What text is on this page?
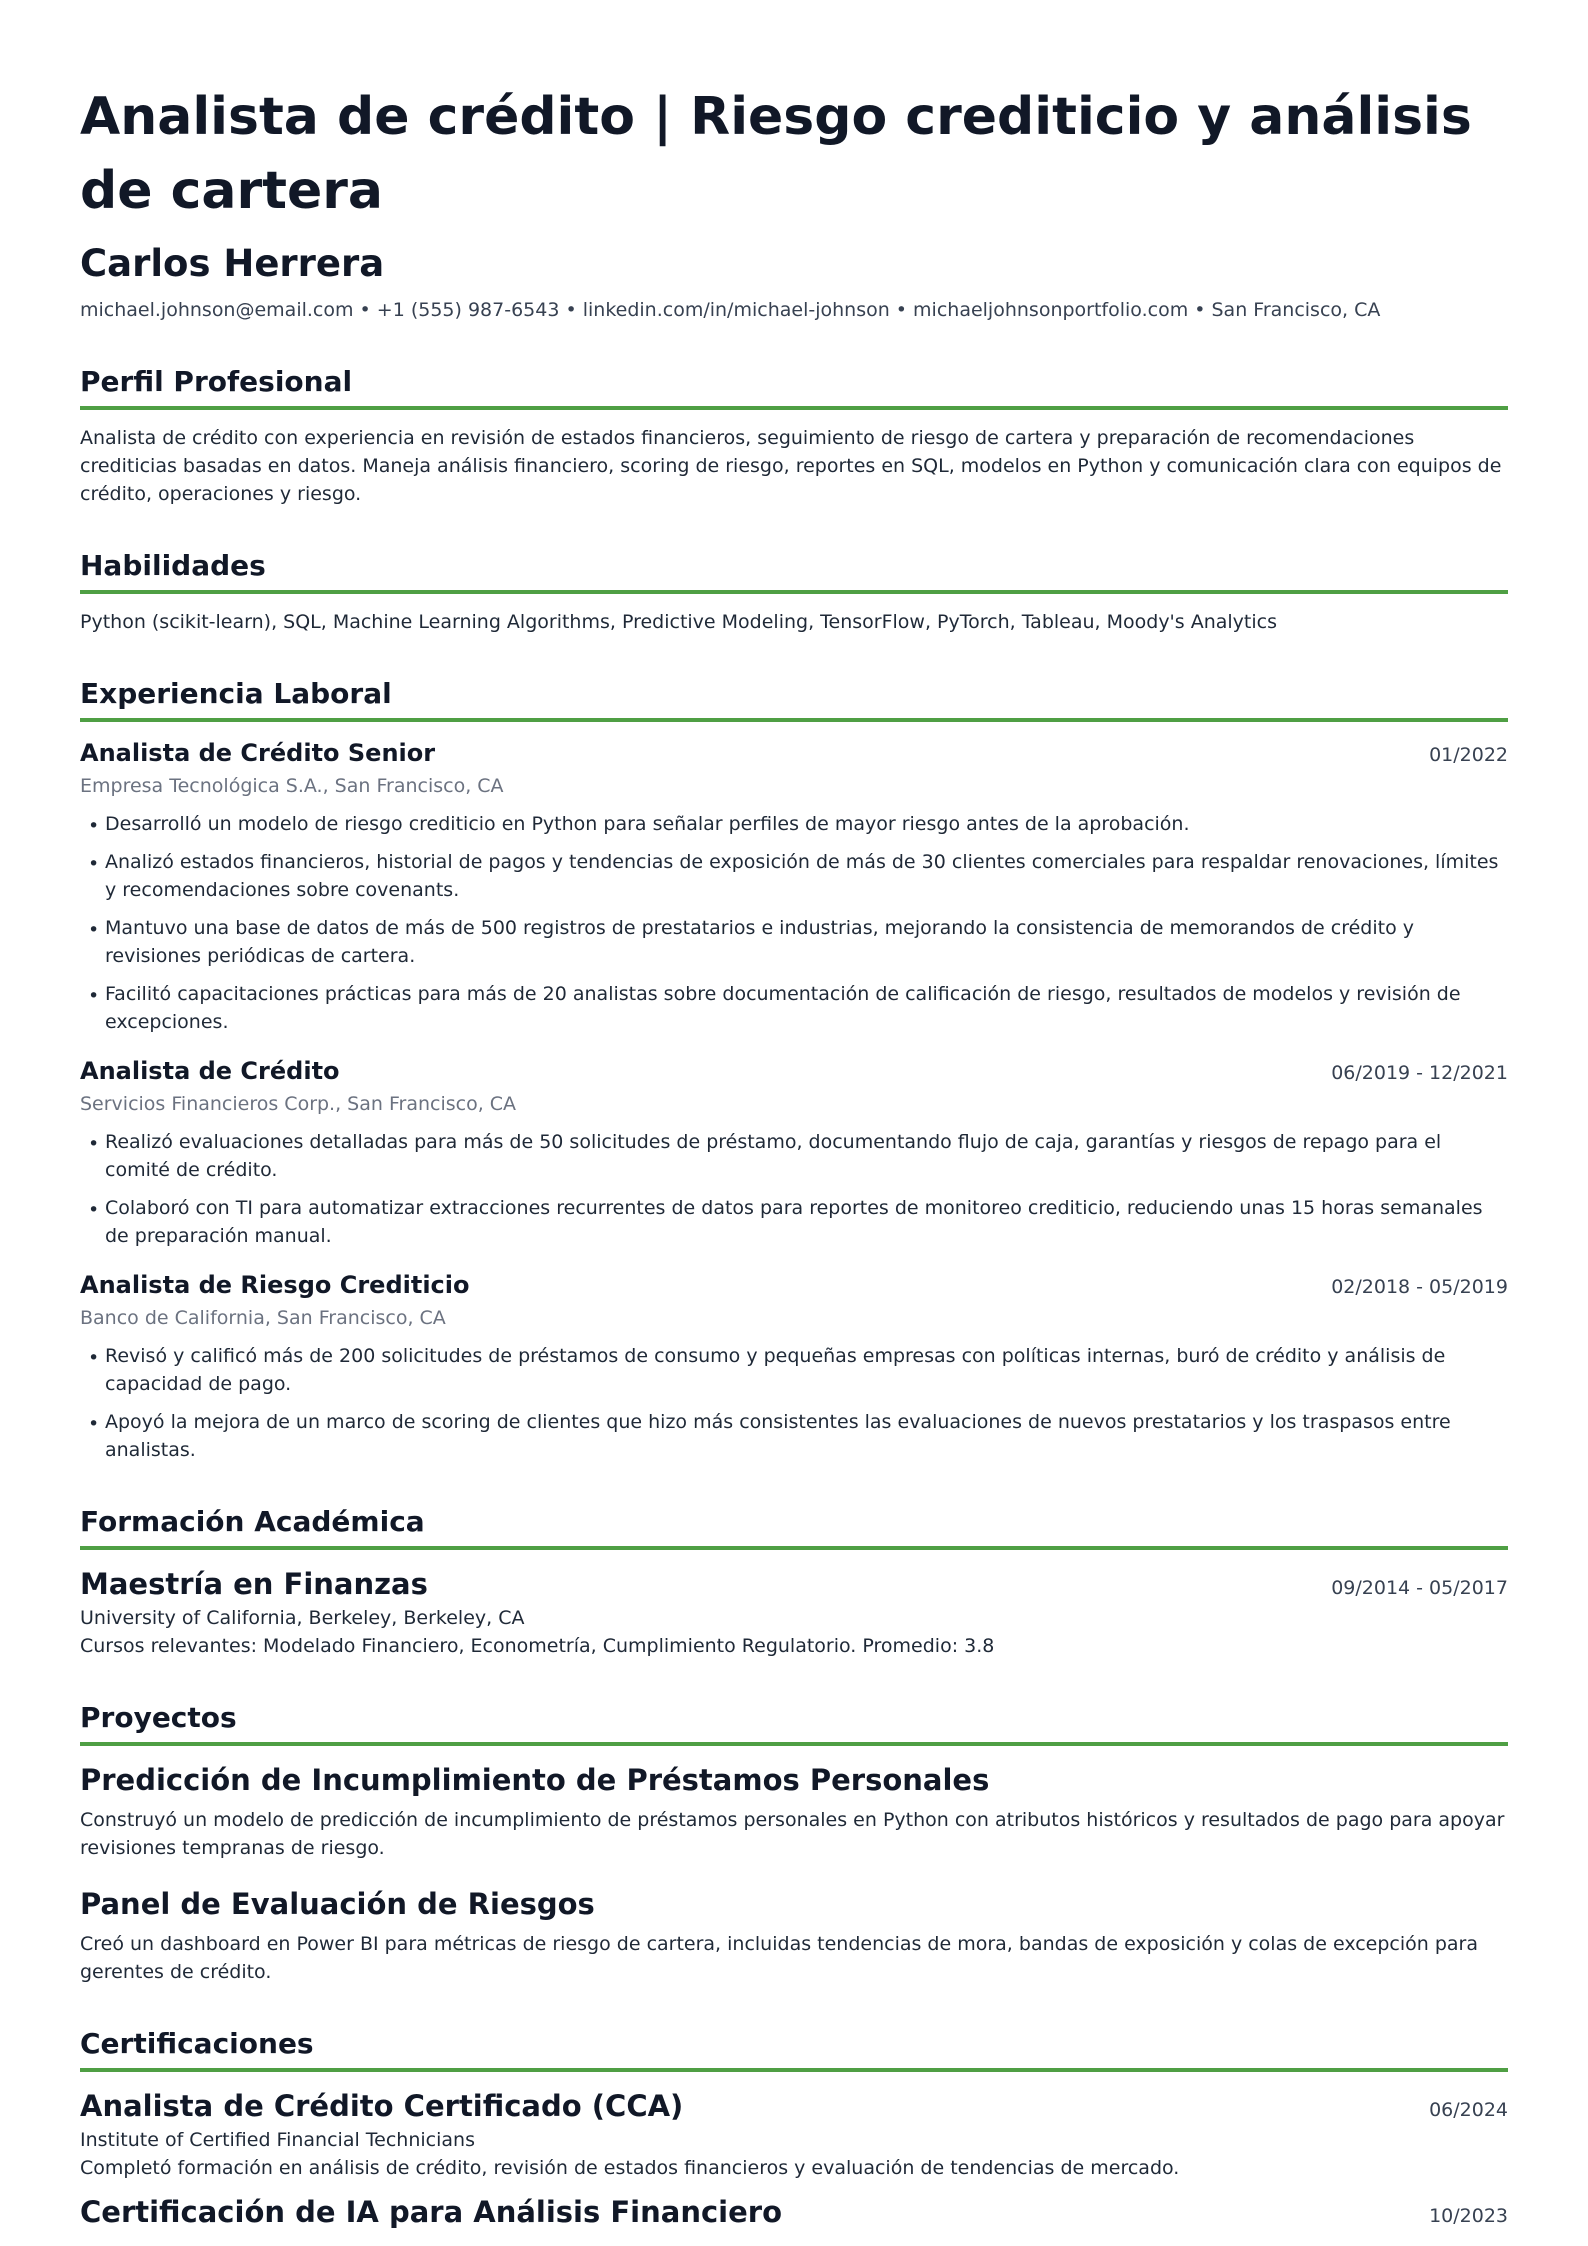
Analista de crédito | Riesgo crediticio y análisis de cartera
Carlos Herrera
michael.johnson@email.com • +1 (555) 987-6543 • linkedin.com/in/michael-johnson • michaeljohnsonportfolio.com • San Francisco, CA
Perfil Profesional
Analista de crédito con experiencia en revisión de estados financieros, seguimiento de riesgo de cartera y preparación de recomendaciones crediticias basadas en datos. Maneja análisis financiero, scoring de riesgo, reportes en SQL, modelos en Python y comunicación clara con equipos de crédito, operaciones y riesgo.
Habilidades
Python (scikit-learn), SQL, Machine Learning Algorithms, Predictive Modeling, TensorFlow, PyTorch, Tableau, Moody's Analytics
Experiencia Laboral
Analista de Crédito Senior	01/2022
Empresa Tecnológica S.A., San Francisco, CA
• Desarrolló un modelo de riesgo crediticio en Python para señalar perfiles de mayor riesgo antes de la aprobación.
• Analizó estados financieros, historial de pagos y tendencias de exposición de más de 30 clientes comerciales para respaldar renovaciones, límites y recomendaciones sobre covenants.
• Mantuvo una base de datos de más de 500 registros de prestatarios e industrias, mejorando la consistencia de memorandos de crédito y revisiones periódicas de cartera.
• Facilitó capacitaciones prácticas para más de 20 analistas sobre documentación de calificación de riesgo, resultados de modelos y revisión de excepciones.
Analista de Crédito	06/2019 - 12/2021
Servicios Financieros Corp., San Francisco, CA
• Realizó evaluaciones detalladas para más de 50 solicitudes de préstamo, documentando flujo de caja, garantías y riesgos de repago para el comité de crédito.
• Colaboró con TI para automatizar extracciones recurrentes de datos para reportes de monitoreo crediticio, reduciendo unas 15 horas semanales de preparación manual.
Analista de Riesgo Crediticio	02/2018 - 05/2019
Banco de California, San Francisco, CA
• Revisó y calificó más de 200 solicitudes de préstamos de consumo y pequeñas empresas con políticas internas, buró de crédito y análisis de capacidad de pago.
• Apoyó la mejora de un marco de scoring de clientes que hizo más consistentes las evaluaciones de nuevos prestatarios y los traspasos entre analistas.
Formación Académica
Maestría en Finanzas	09/2014 - 05/2017
University of California, Berkeley, Berkeley, CA
Cursos relevantes: Modelado Financiero, Econometría, Cumplimiento Regulatorio. Promedio: 3.8
Proyectos
Predicción de Incumplimiento de Préstamos Personales
Construyó un modelo de predicción de incumplimiento de préstamos personales en Python con atributos históricos y resultados de pago para apoyar revisiones tempranas de riesgo.
Panel de Evaluación de Riesgos
Creó un dashboard en Power BI para métricas de riesgo de cartera, incluidas tendencias de mora, bandas de exposición y colas de excepción para gerentes de crédito.
Certificaciones
Analista de Crédito Certificado (CCA)	06/2024
Institute of Certified Financial Technicians
Completó formación en análisis de crédito, revisión de estados financieros y evaluación de tendencias de mercado.
Certificación de IA para Análisis Financiero	10/2023
